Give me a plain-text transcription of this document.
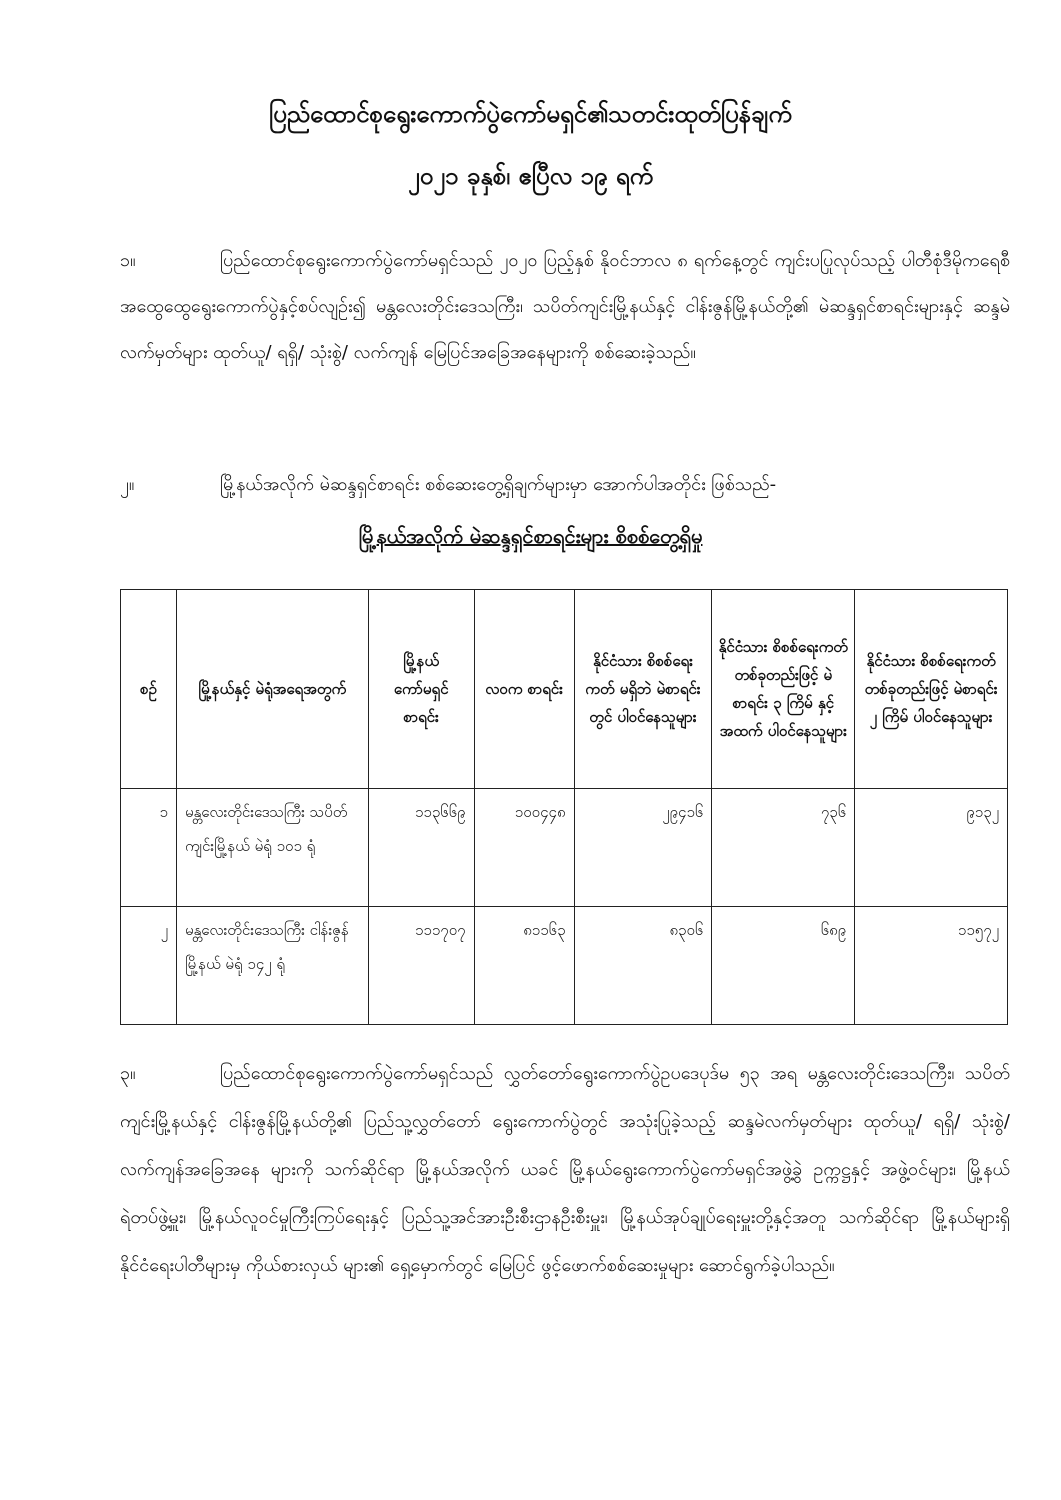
ပြည်ထောင်စုရွေးကောက်ပွဲကော်မရှင်၏သတင်းထုတ်ပြန်ချက်
၂၀၂၁ ခုနှစ်၊ ဧပြီလ ၁၉ ရက်
၁။	ပြည်ထောင်စုရွေးကောက်ပွဲကော်မရှင်သည် ၂၀၂၀ ပြည့်နှစ် နိုဝင်ဘာလ ၈ ရက်နေ့တွင် ကျင်းပပြုလုပ်သည့် ပါတီစုံဒီမိုကရေစီအထွေထွေရွေးကောက်ပွဲနှင့်စပ်လျဉ်း၍ မန္တလေးတိုင်းဒေသကြီး၊ သပိတ်ကျင်းမြို့နယ်နှင့် ငါန်းဇွန်မြို့နယ်တို့၏ မဲဆန္ဒရှင်စာရင်းများနှင့် ဆန္ဒမဲလက်မှတ်များ ထုတ်ယူ/ ရရှိ/ သုံးစွဲ/ လက်ကျန် မြေပြင်အခြေအနေများကို စစ်ဆေးခဲ့သည်။
၂။	မြို့နယ်အလိုက် မဲဆန္ဒရှင်စာရင်း စစ်ဆေးတွေ့ရှိချက်များမှာ အောက်ပါအတိုင်း ဖြစ်သည်-
မြို့နယ်အလိုက် မဲဆန္ဒရှင်စာရင်းများ စိစစ်တွေ့ရှိမှု
စဉ်	မြို့နယ်နှင့် မဲရုံအရေအတွက်	မြို့နယ် ကော်မရှင် စာရင်း	လဝက စာရင်း	နိုင်ငံသား စိစစ်ရေးကတ် မရှိဘဲ မဲစာရင်းတွင် ပါဝင်နေသူများ	နိုင်ငံသား စိစစ်ရေးကတ် တစ်ခုတည်းဖြင့် မဲစာရင်း ၃ ကြိမ် နှင့် အထက် ပါဝင်နေသူများ	နိုင်ငံသား စိစစ်ရေးကတ် တစ်ခုတည်းဖြင့် မဲစာရင်း ၂ ကြိမ် ပါဝင်နေသူများ
၁	မန္တလေးတိုင်းဒေသကြီး သပိတ်ကျင်းမြို့နယ် မဲရုံ ၁၀၁ ရုံ	၁၁၃၆၆၉	၁၀၀၄၄၈	၂၉၄၁၆	၇၃၆	၉၁၃၂
၂	မန္တလေးတိုင်းဒေသကြီး ငါန်းဇွန်မြို့နယ် မဲရုံ ၁၄၂ ရုံ	၁၁၁၇၀၇	၈၁၁၆၃	၈၃၀၆	၆၈၉	၁၁၅၇၂
၃။	ပြည်ထောင်စုရွေးကောက်ပွဲကော်မရှင်သည် လွှတ်တော်ရွေးကောက်ပွဲဥပဒေပုဒ်မ ၅၃ အရ မန္တလေးတိုင်းဒေသကြီး၊ သပိတ်ကျင်းမြို့နယ်နှင့် ငါန်းဇွန်မြို့နယ်တို့၏ ပြည်သူ့လွှတ်တော် ရွေးကောက်ပွဲတွင် အသုံးပြုခဲ့သည့် ဆန္ဒမဲလက်မှတ်များ ထုတ်ယူ/ ရရှိ/ သုံးစွဲ/ လက်ကျန်အခြေအနေ များကို သက်ဆိုင်ရာ မြို့နယ်အလိုက် ယခင် မြို့နယ်ရွေးကောက်ပွဲကော်မရှင်အဖွဲ့ခွဲ ဥက္ကဋ္ဌနှင့် အဖွဲ့ဝင်များ၊ မြို့နယ်ရဲတပ်ဖွဲ့မှူး၊ မြို့နယ်လူဝင်မှုကြီးကြပ်ရေးနှင့် ပြည်သူ့အင်အားဦးစီးဌာနဦးစီးမှူး၊ မြို့နယ်အုပ်ချုပ်ရေးမှူးတို့နှင့်အတူ သက်ဆိုင်ရာ မြို့နယ်များရှိ နိုင်ငံရေးပါတီများမှ ကိုယ်စားလှယ် များ၏ ရှေ့မှောက်တွင် မြေပြင် ဖွင့်ဖောက်စစ်ဆေးမှုများ ဆောင်ရွက်ခဲ့ပါသည်။
